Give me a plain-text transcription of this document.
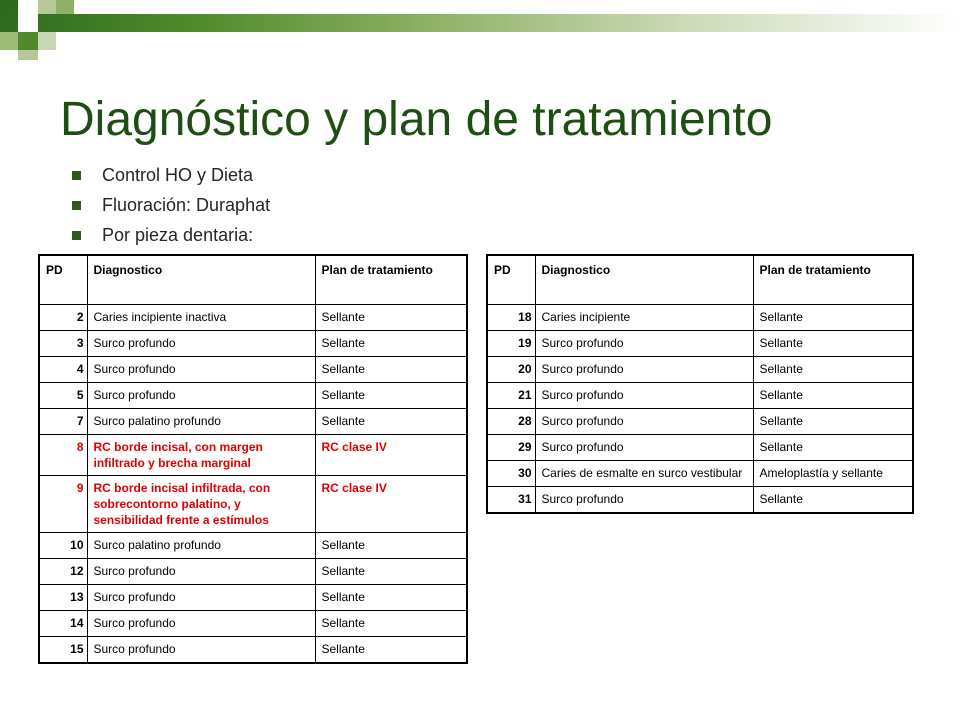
Diagnóstico y plan de tratamiento
Control HO y Dieta
Fluoración: Duraphat
Por pieza dentaria:
PD	Diagnostico	Plan de tratamiento
2	Caries incipiente inactiva	Sellante
3	Surco profundo	Sellante
4	Surco profundo	Sellante
5	Surco profundo	Sellante
7	Surco palatino profundo	Sellante
8	RC borde incisal, con margen infiltrado y brecha marginal	RC clase IV
9	RC borde incisal infiltrada, con sobrecontorno palatino, y sensibilidad frente a estímulos	RC clase IV
10	Surco palatino profundo	Sellante
12	Surco profundo	Sellante
13	Surco profundo	Sellante
14	Surco profundo	Sellante
15	Surco profundo	Sellante
PD	Diagnostico	Plan de tratamiento
18	Caries incipiente	Sellante
19	Surco profundo	Sellante
20	Surco profundo	Sellante
21	Surco profundo	Sellante
28	Surco profundo	Sellante
29	Surco profundo	Sellante
30	Caries de esmalte en surco vestibular	Ameloplastía y sellante
31	Surco profundo	Sellante
